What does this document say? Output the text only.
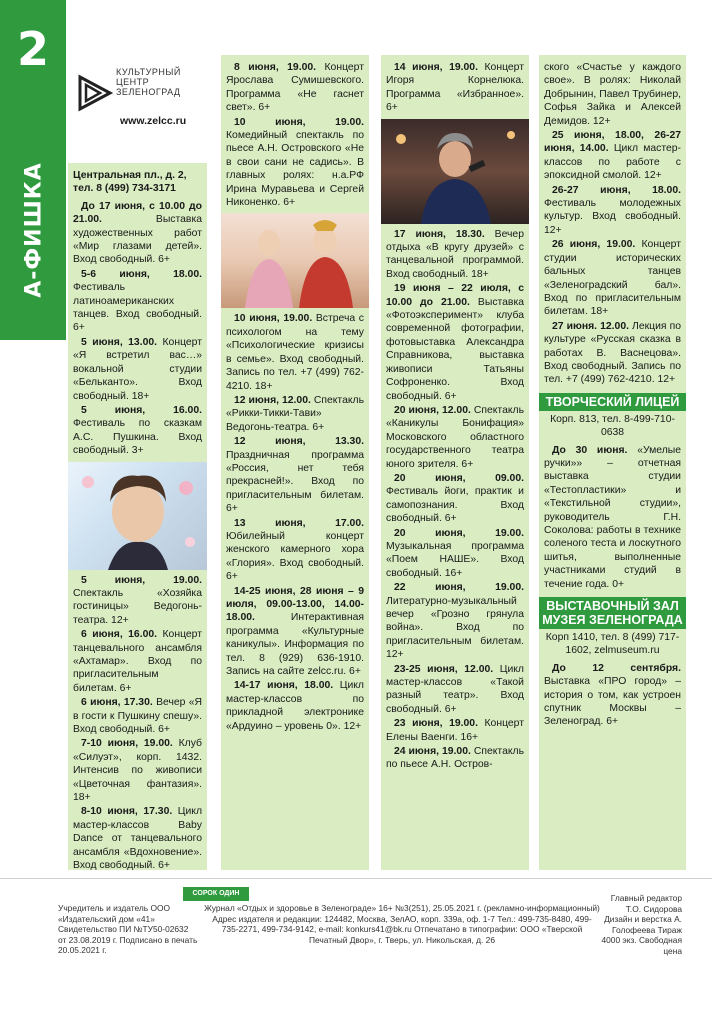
2
А-ФИШКА
КУЛЬТУРНЫЙ ЦЕНТР ЗЕЛЕНОГРАД
www.zelcc.ru
Центральная пл., д. 2, тел. 8 (499) 734-3171

До 17 июня, с 10.00 до 21.00.	Выставка художественных работ «Мир глазами детей». Вход свободный. 6+

5-6 июня, 18.00. Фестиваль латиноамериканских танцев. Вход свободный. 6+

5 июня, 13.00. Концерт «Я встретил вас…» вокальной студии «Бельканто». Вход свободный. 18+

5 июня, 16.00. Фестиваль по сказкам А.С. Пушкина. Вход свободный. 3+

5 июня, 19.00. Спектакль «Хозяйка гостиницы» Ведогонь-театра. 12+

6 июня, 16.00. Концерт танцевального ансамбля «Ахтамар». Вход по пригласительным билетам. 6+

6 июня, 17.30. Вечер «Я в гости к Пушкину спешу». Вход свободный. 6+

7-10 июня, 19.00. Клуб «Силуэт», корп. 1432. Интенсив по живописи «Цветочная фантазия». 18+

8-10 июня, 17.30. Цикл мастер-классов Baby Dance от танцевального ансамбля «Вдохновение». Вход свободный. 6+

8 июня, 19.00. Концерт Ярослава Сумишевского. Программа «Не гаснет свет». 6+

10 июня, 19.00. Комедийный спектакль по пьесе А.Н. Островского «Не в свои сани не садись». В главных ролях: н.а.РФ Ирина Муравьева и Сергей Никоненко. 6+

10 июня, 19.00. Встреча с психологом на тему «Психологические кризисы в семье». Вход свободный. Запись по тел. +7 (499) 762-4210. 18+

12 июня, 12.00. Спектакль «Рикки-Тикки-Тави» Ведогонь-театра. 6+

12 июня, 13.30. Праздничная программа «Россия, нет тебя прекрасней!». Вход по пригласительным билетам. 6+

13 июня, 17.00. Юбилейный концерт женского камерного хора «Глория». Вход свободный. 6+

14-25 июня, 28 июня – 9 июля, 09.00-13.00, 14.00-18.00.	Интерактивная программа «Культурные каникулы». Информация по тел. 8 (929) 636-1910. Запись на сайте zelcc.ru. 6+

14-17 июня, 18.00. Цикл мастер-классов по прикладной электронике «Ардуино – уровень 0». 12+

14 июня, 19.00. Концерт Игоря Корнелюка. Программа «Избранное». 6+

17 июня, 18.30. Вечер отдыха «В кругу друзей» с танцевальной программой. Вход свободный. 18+

19 июня – 22 июля, с 10.00 до 21.00. Выставка «Фотоэксперимент» клуба современной фотографии, фотовыставка Александра Справникова, выставка живописи Татьяны Софроненко. Вход свободный. 6+

20 июня, 12.00. Спектакль «Каникулы Бонифация» Московского областного государственного театра юного зрителя. 6+

20 июня, 09.00. Фестиваль йоги, практик и самопознания. Вход свободный. 6+

20 июня, 19.00. Музыкальная программа «Поем НАШЕ». Вход свободный. 16+

22 июня, 19.00. Литературно-музыкальный вечер «Грозно грянула война». Вход по пригласительным билетам. 12+

23-25 июня, 12.00. Цикл мастер-классов «Такой разный театр». Вход свободный. 6+

23 июня, 19.00. Концерт Елены Ваенги. 16+

24 июня, 19.00. Спектакль по пьесе А.Н. Остров-

ского «Счастье у каждого свое». В ролях: Николай Добрынин, Павел Трубинер, Софья Зайка и Алексей Демидов. 12+

25 июня, 18.00, 26-27 июня, 14.00. Цикл мастер-классов по работе с эпоксидной смолой. 12+

26-27 июня, 18.00. Фестиваль молодежных культур. Вход свободный. 12+

26 июня, 19.00. Концерт студии исторических бальных танцев «Зеленоградский бал». Вход по пригласительным билетам. 18+

27 июня. 12.00. Лекция по культуре «Русская сказка в работах В. Васнецова». Вход свободный. Запись по тел. +7 (499) 762-4210. 12+

ТВОРЧЕСКИЙ ЛИЦЕЙ
Корп. 813, тел. 8-499-710-0638

До 30 июня. «Умелые ручки»» – отчетная выставка студии «Тестопластики» и «Текстильной студии», руководитель Г.Н. Соколова: работы в технике соленого теста и лоскутного шитья, выполненные участниками студий в течение года. 0+

ВЫСТАВОЧНЫЙ ЗАЛ МУЗЕЯ ЗЕЛЕНОГРАДА
Корп 1410, тел. 8 (499) 717-1602, zelmuseum.ru

До 12 сентября. Выставка «ПРО город» – история о том, как устроен спутник Москвы – Зеленоград. 6+

Учредитель и издатель ООО «Издательский дом «41» Свидетельство ПИ №ТУ50-02632 от 23.08.2019 г. Подписано в печать 20.05.2021 г.
СОРОК ОДИН
Журнал «Отдых и здоровье в Зеленограде» 16+ №3(251), 25.05.2021 г. (рекламно-информационный) Адрес издателя и редакции: 124482, Москва, ЗелАО, корп. 339а, оф. 1-7 Тел.: 499-735-8480, 499-735-2271, 499-734-9142, e-mail: konkurs41@bk.ru Отпечатано в типографии: ООО «Тверской Печатный Двор», г. Тверь, ул. Никольская, д. 26
Главный редактор Т.О. Сидорова Дизайн и верстка А. Голофеева Тираж 4000 экз. Свободная цена
